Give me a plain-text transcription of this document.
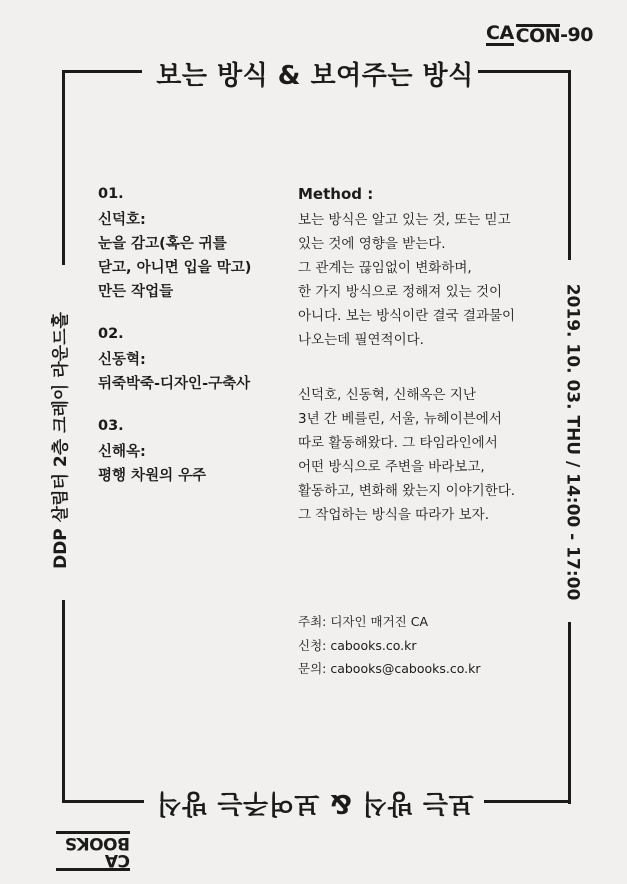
CA CON -90
보는 방식 & 보여주는 방식
보는 방식 & 보여주는 방식
DDP 살림터 2층 크레이 라운드홀	2019. 10. 03. THU / 14:00 - 17:00
CA BOOKS
01.
신덕호:
눈을 감고(혹은 귀를
닫고, 아니면 입을 막고)
만든 작업들
02.
신동혁:
뒤죽박죽-디자인-구축사
03.
신해옥:
평행 차원의 우주
Method :
보는 방식은 알고 있는 것, 또는 믿고
있는 것에 영향을 받는다.
그 관계는 끊임없이 변화하며,
한 가지 방식으로 정해져 있는 것이
아니다. 보는 방식이란 결국 결과물이
나오는데 필연적이다.
신덕호, 신동혁, 신해옥은 지난
3년 간 베를린, 서울, 뉴헤이븐에서
따로 활동해왔다. 그 타임라인에서
어떤 방식으로 주변을 바라보고,
활동하고, 변화해 왔는지 이야기한다.
그 작업하는 방식을 따라가 보자.
주최: 디자인 매거진 CA
신청: cabooks.co.kr
문의: cabooks@cabooks.co.kr
